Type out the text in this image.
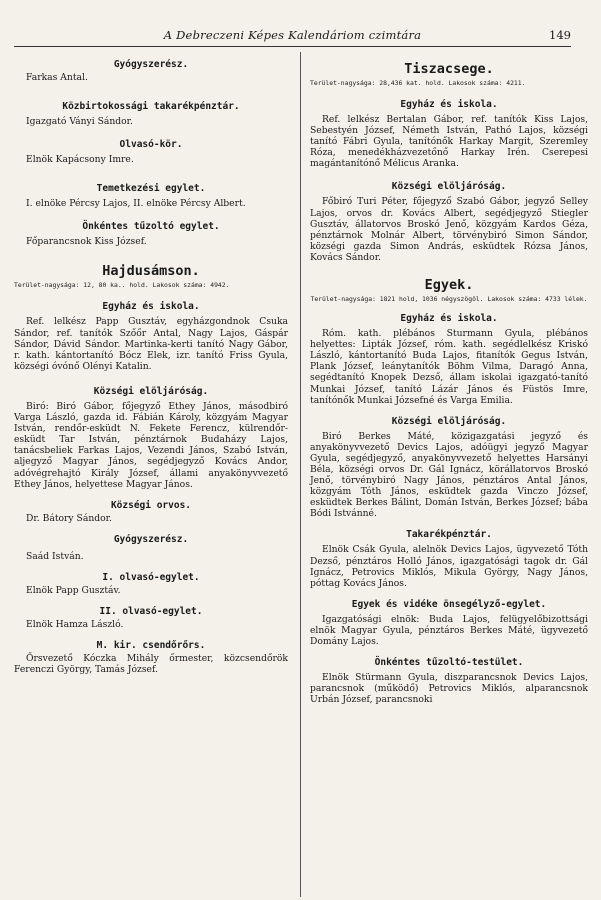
A Debreczeni Képes Kalendáriom czimtára	149
Gyógyszerész.

Farkas Antal.

Közbirtokossági takarékpénztár.

Igazgató Ványi Sándor.

Olvasó-kör.

Elnök Kapácsony Imre.

Temetkezési egylet.

I. elnöke Pércsy Lajos, II. elnöke Pércsy Albert.

Önkéntes tűzoltó egylet.

Főparancsnok Kiss József.

Hajdusámson.
Terület-nagysága: 12, 80 ka.. hold. Lakosok száma: 4942.
Egyház és iskola.

Ref. lelkész Papp Gusztáv, egyházgondnok Csuka Sándor, ref. tanítók Szőőr Antal, Nagy Lajos, Gáspár Sándor, Dávid Sándor. Martinka-kerti tanító Nagy Gábor, r. kath. kántortanító Bócz Elek, izr. tanító Friss Gyula, községi óvónő Olényi Katalin.

Községi elöljáróság.

Biró: Biró Gábor, főjegyző Ethey János, másodbiró Varga László, gazda id. Fábián Károly, közgyám Magyar István, rendőr-esküdt N. Fekete Ferencz, külrendőr-esküdt Tar István, pénztárnok Budaházy Lajos, tanácsbeliek Farkas Lajos, Vezendi János, Szabó István, aljegyző Magyar János, segédjegyző Kovács Andor, adóvégrehajtó Király József, állami anyakönyvvezető Ethey János, helyettese Magyar János.

Községi orvos.

Dr. Bátory Sándor.

Gyógyszerész.

Saád István.

I. olvasó-egylet.

Elnök Papp Gusztáv.

II. olvasó-egylet.

Elnök Hamza László.

M. kir. csendőrőrs.

Őrsvezető Kóczka Mihály őrmester, közcsendőrök Ferenczi György, Tamás József.

Tiszacsege.
Terület-nagysága: 28,436 kat. hold. Lakosok száma: 4211.
Egyház és iskola.

Ref. lelkész Bertalan Gábor, ref. tanítók Kiss Lajos, Sebestyén József, Németh István, Pathó Lajos, községi tanító Fábri Gyula, tanítónők Harkay Margit, Szeremley Róza, menedékházvezetőnő Harkay Irén. Cserepesi magántanítónő Mélicus Aranka.

Községi elöljáróság.

Főbiró Turi Péter, főjegyző Szabó Gábor, jegyző Selley Lajos, orvos dr. Kovács Albert, segédjegyző Stiegler Gusztáv, állatorvos Broskó Jenő, közgyám Kardos Géza, pénztárnok Molnár Albert, törvénybiró Simon Sándor, községi gazda Simon András, esküdtek Rózsa János, Kovács Sándor.

Egyek.
Terület-nagysága: 1821 hold, 1036 négyszögöl. Lakosok száma: 4733 lélek.
Egyház és iskola.

Róm. kath. plébános Sturmann Gyula, plébános helyettes: Lipták József, róm. kath. segédlelkész Kriskó László, kántortanító Buda Lajos, fitanítók Gegus István, Plank József, leánytanítók Böhm Vilma, Daragó Anna, segédtanító Knopek Dezső, állam iskolai igazgató-tanító Munkai József, tanító Lázár János és Füstös Imre, tanítónők Munkai Józsefné és Varga Emilia.

Községi elöljáróság.

Biró Berkes Máté, közigazgatási jegyző és anyakönyvvezető Devics Lajos, adóügyi jegyző Magyar Gyula, segédjegyző, anyakönyvvezető helyettes Harsányi Béla, községi orvos Dr. Gál Ignácz, körállatorvos Broskó Jenő, törvénybiró Nagy János, pénztáros Antal János, közgyám Tóth János, esküdtek gazda Vinczo József, esküdtek Berkes Bálint, Domán István, Berkes József; bába Bódi Istvánné.

Takarékpénztár.

Elnök Csák Gyula, alelnök Devics Lajos, ügyvezető Tóth Dezső, pénztáros Holló János, igazgatósági tagok dr. Gál Ignácz, Petrovics Miklós, Mikula György, Nagy János, póttag Kovács János.

Egyek és vidéke önsegélyző-egylet.

Igazgatósági elnök: Buda Lajos, felügyelőbizottsági elnök Magyar Gyula, pénztáros Berkes Máté, ügyvezető Domány Lajos.

Önkéntes tűzoltó-testület.

Elnök Stürmann Gyula, diszparancsnok Devics Lajos, parancsnok (működő) Petrovics Miklós, alparancsnok Urbán József, parancsnoki
